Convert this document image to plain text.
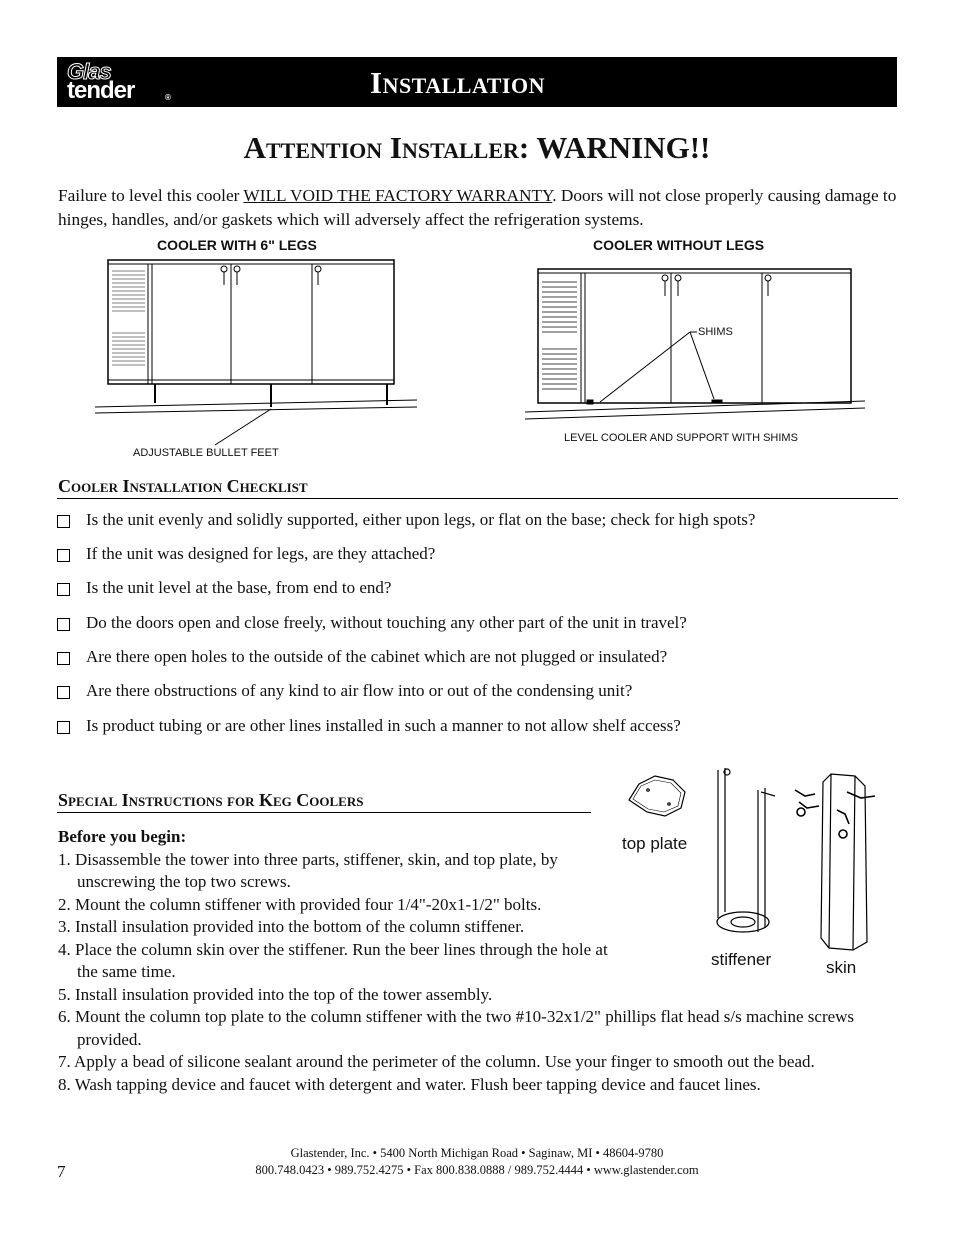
Glas
tender	®	Installation
Attention Installer: WARNING!!
Failure to level this cooler WILL VOID THE FACTORY WARRANTY. Doors will not close properly causing damage to hinges, handles, and/or gaskets which will adversely affect the refrigeration systems.
COOLER WITH 6" LEGS	COOLER WITHOUT LEGS
ADJUSTABLE BULLET FEET
SHIMS
LEVEL COOLER AND SUPPORT WITH SHIMS
Cooler Installation Checklist
Is the unit evenly and solidly supported, either upon legs, or flat on the base; check for high spots?
If the unit was designed for legs, are they attached?
Is the unit level at the base, from end to end?
Do the doors open and close freely, without touching any other part of the unit in travel?
Are there open holes to the outside of the cabinet which are not plugged or insulated?
Are there obstructions of any kind to air flow into or out of the condensing unit?
Is product tubing or are other lines installed in such a manner to not allow shelf access?
Special Instructions for Keg Coolers
Before you begin:
1. Disassemble the tower into three parts, stiffener, skin, and top plate, by unscrewing the top two screws.
2. Mount the column stiffener with provided four 1/4"-20x1-1/2" bolts.
3. Install insulation provided into the bottom of the column stiffener.
4. Place the column skin over the stiffener. Run the beer lines through the hole at the same time.
5. Install insulation provided into the top of the tower assembly.
6. Mount the column top plate to the column stiffener with the two #10-32x1/2" phillips flat head s/s machine screws provided.
7. Apply a bead of silicone sealant around the perimeter of the column. Use your finger to smooth out the bead.
8. Wash tapping device and faucet with detergent and water. Flush beer tapping device and faucet lines.
top plate
stiffener	skin
7
Glastender, Inc. • 5400 North Michigan Road • Saginaw, MI • 48604-9780
800.748.0423 • 989.752.4275 • Fax 800.838.0888 / 989.752.4444 • www.glastender.com
